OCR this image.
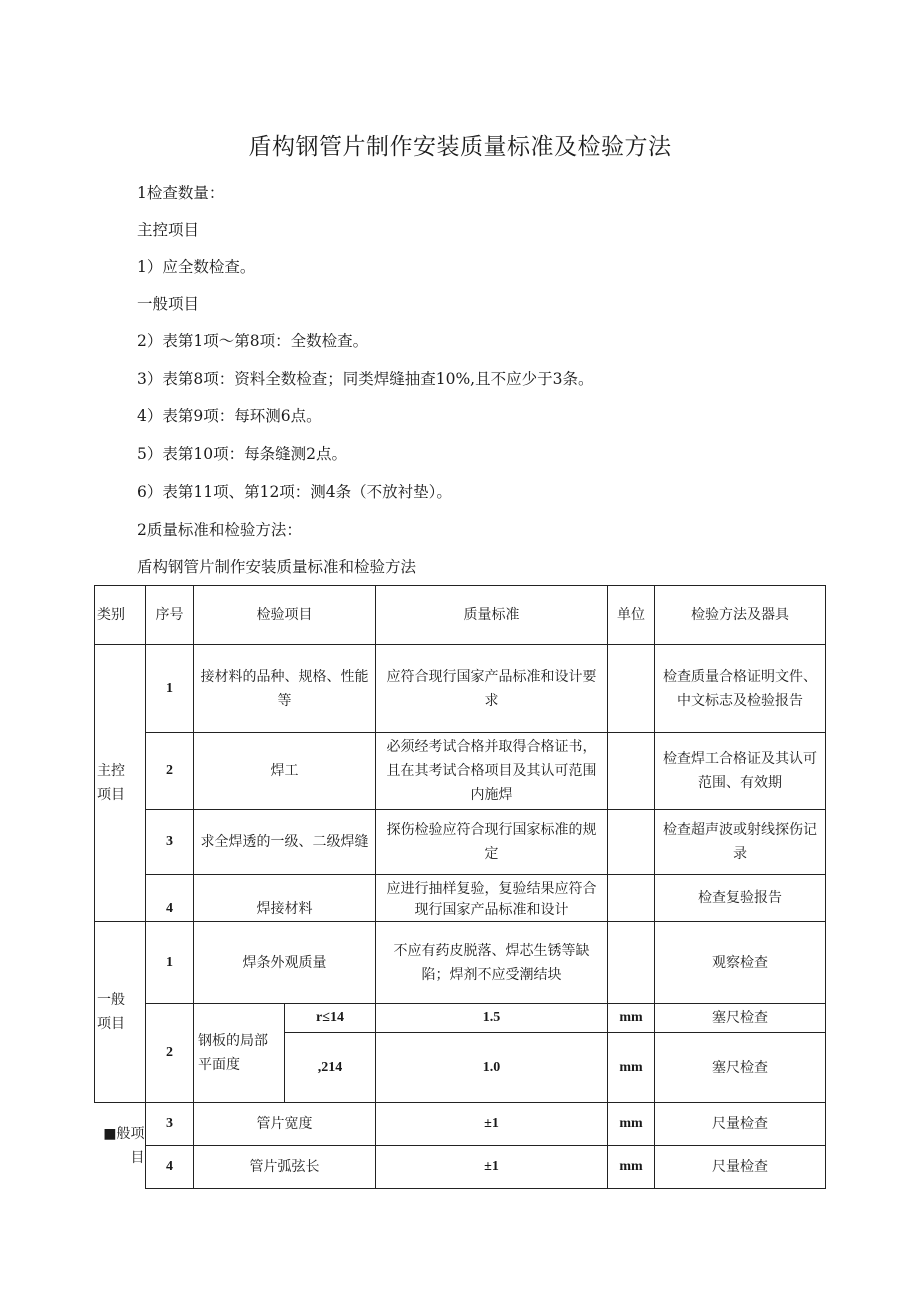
盾构钢管片制作安装质量标准及检验方法
1检查数量：
主控项目
1）应全数检查。
一般项目
2）表第1项～第8项：全数检查。
3）表第8项：资料全数检查；同类焊缝抽查10%,且不应少于3条。
4）表第9项：每环测6点。
5）表第10项：每条缝测2点。
6）表第11项、第12项：测4条（不放衬垫）。
2质量标准和检验方法：
盾构钢管片制作安装质量标准和检验方法
类别	序号	检验项目		质量标准	单位	检验方法及器具
主控项目	1	接材料的品种、规格、性能等		应符合现行国家产品标准和设计要求		检查质量合格证明文件、中文标志及检验报告
	2	焊工		必须经考试合格并取得合格证书，且在其考试合格项目及其认可范围内施焊		检查焊工合格证及其认可范围、有效期
	3	求全焊透的一级、二级焊缝		探伤检验应符合现行国家标准的规定		检查超声波或射线探伤记录
	4	焊接材料		应进行抽样复验，复验结果应符合现行国家产品标准和设计		检查复验报告
一般项目	1	焊条外观质量		不应有药皮脱落、焊芯生锈等缺陷；焊剂不应受潮结块		观察检查
	2	钢板的局部平面度	r≤14	1.5	mm	塞尺检查
			,214	1.0	mm	塞尺检查
■般项目	3	管片宽度		±1	mm	尺量检查
	4	管片弧弦长		±1	mm	尺量检查
